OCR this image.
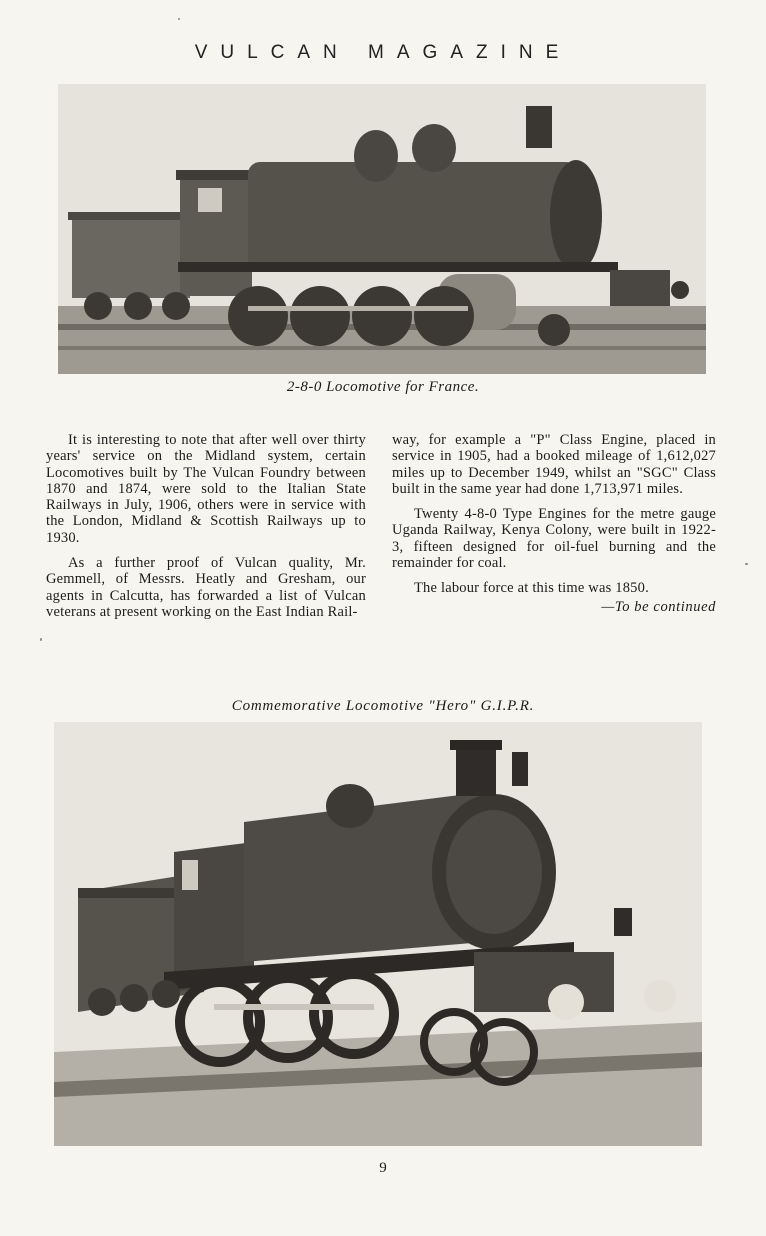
VULCAN MAGAZINE
2-8-0 Locomotive for France.

It is interesting to note that after well over thirty years' service on the Midland system, certain Locomotives built by The Vulcan Foundry between 1870 and 1874, were sold to the Italian State Railways in July, 1906, others were in service with the London, Midland & Scottish Railways up to 1930.

As a further proof of Vulcan quality, Mr. Gemmell, of Messrs. Heatly and Gresham, our agents in Calcutta, has forwarded a list of Vulcan veterans at present working on the East Indian Rail-

way, for example a "P" Class Engine, placed in service in 1905, had a booked mileage of 1,612,027 miles up to December 1949, whilst an "SGC" Class built in the same year had done 1,713,971 miles.

Twenty 4-8-0 Type Engines for the metre gauge Uganda Railway, Kenya Colony, were built in 1922-3, fifteen designed for oil-fuel burning and the remainder for coal.

The labour force at this time was 1850.

—To be continued
Commemorative Locomotive "Hero" G.I.P.R.
9
